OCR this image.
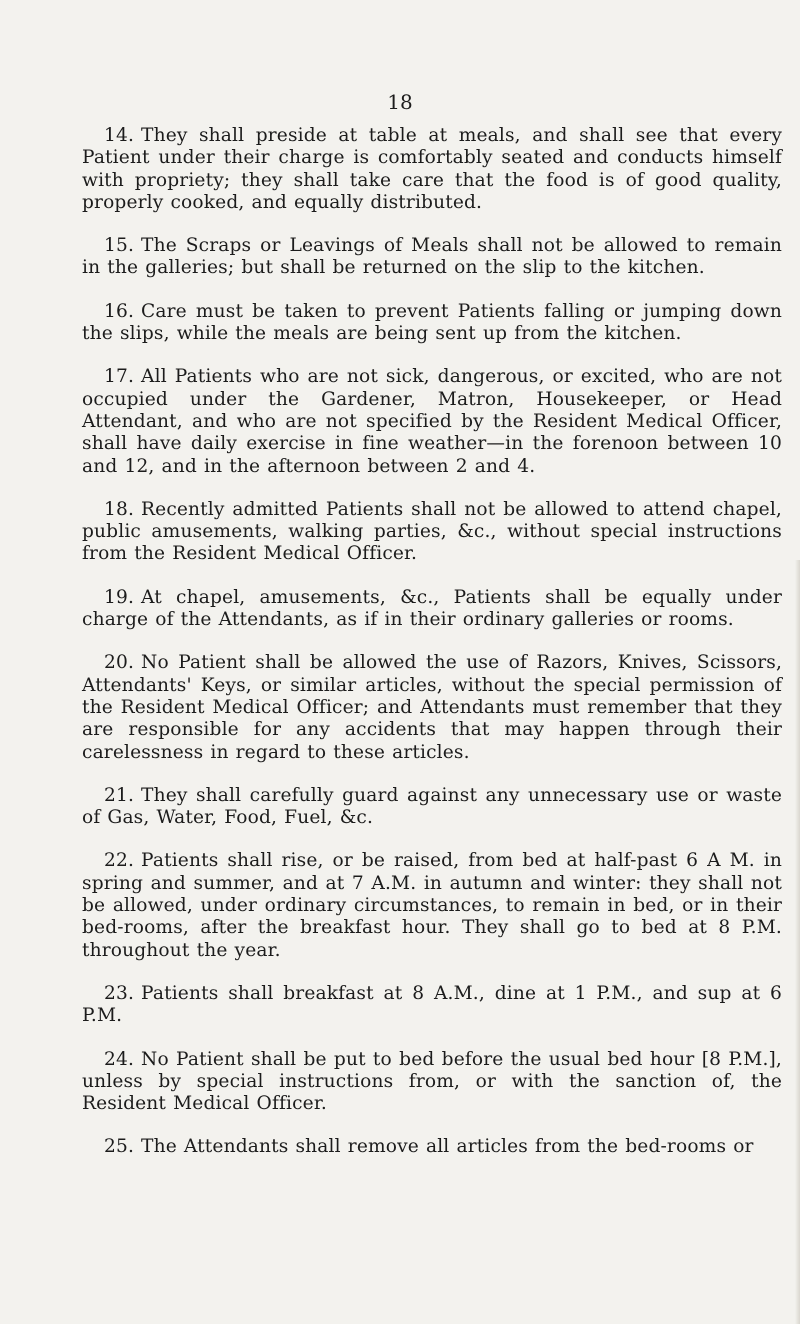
18

14. They shall preside at table at meals, and shall see that every Patient under their charge is comfortably seated and conducts himself with propriety; they shall take care that the food is of good quality, properly cooked, and equally distributed.

15. The Scraps or Leavings of Meals shall not be allowed to remain in the galleries; but shall be returned on the slip to the kitchen.

16. Care must be taken to prevent Patients falling or jumping down the slips, while the meals are being sent up from the kitchen.

17. All Patients who are not sick, dangerous, or excited, who are not occupied under the Gardener, Matron, Housekeeper, or Head Attendant, and who are not specified by the Resident Medical Officer, shall have daily exercise in fine weather—in the forenoon between 10 and 12, and in the afternoon between 2 and 4.

18. Recently admitted Patients shall not be allowed to attend chapel, public amusements, walking parties, &c., without special instructions from the Resident Medical Officer.

19. At chapel, amusements, &c., Patients shall be equally under charge of the Attendants, as if in their ordinary galleries or rooms.

20. No Patient shall be allowed the use of Razors, Knives, Scissors, Attendants' Keys, or similar articles, without the special permission of the Resident Medical Officer; and Attendants must remember that they are responsible for any accidents that may happen through their carelessness in regard to these articles.

21. They shall carefully guard against any unnecessary use or waste of Gas, Water, Food, Fuel, &c.

22. Patients shall rise, or be raised, from bed at half-past 6 A M. in spring and summer, and at 7 A.M. in autumn and winter: they shall not be allowed, under ordinary circumstances, to remain in bed, or in their bed-rooms, after the breakfast hour. They shall go to bed at 8 P.M. throughout the year.

23. Patients shall breakfast at 8 A.M., dine at 1 P.M., and sup at 6 P.M.

24. No Patient shall be put to bed before the usual bed hour [8 P.M.], unless by special instructions from, or with the sanction of, the Resident Medical Officer.

25. The Attendants shall remove all articles from the bed-rooms or
